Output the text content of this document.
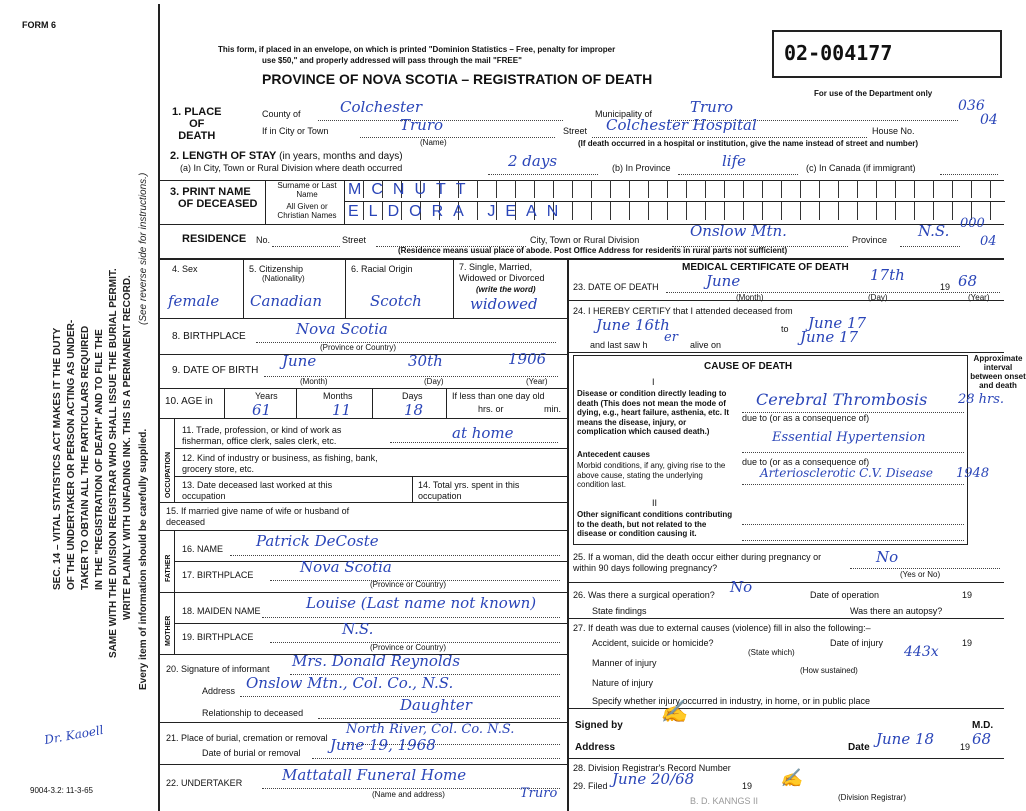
FORM 6
SEC. 14 – VITAL STATISTICS ACT MAKES IT THE DUTY OF THE UNDERTAKER OR PERSON ACTING AS UNDER- TAKER TO OBTAIN ALL THE PARTICULARS REQUIRED IN THE "REGISTRATION OF DEATH" AND TO FILE THE SAME WITH THE DIVISION REGISTRAR WHO SHALL ISSUE THE BURIAL PERMIT. WRITE PLAINLY WITH UNFADING INK. THIS IS A PERMANENT RECORD.
(See reverse side for instructions.)
Every item of information should be carefully supplied.
Dr. Kaoell
9004-3.2: 11-3-65
This form, if placed in an envelope, on which is printed "Dominion Statistics – Free, penalty for improper
use $50," and properly addressed will pass through the mail "FREE"
PROVINCE OF NOVA SCOTIA – REGISTRATION OF DEATH
02-004177
For use of the Department only
036
04
1. PLACE
OF
DEATH
County of	Colchester	Municipality of	Truro
If in City or Town	Truro
(Name)
Street Colchester Hospital	House No.
(If death occurred in a hospital or institution, give the name instead of street and number)
2. LENGTH OF STAY (in years, months and days)
(a) In City, Town or Rural Division where death occurred	2 days	(b) In Province	life	(c) In Canada (if immigrant)
3. PRINT NAME
OF DECEASED
Surname or Last Name
All Given or Christian Names
MCNUTT
ELDORA JEAN
RESIDENCE No.	Street	City, Town or Rural Division	Onslow Mtn.	Province N.S. 000
04
(Residence means usual place of abode. Post Office Address for residents in rural parts not sufficient)
4. Sex	5. Citizenship
(Nationality)
6. Racial Origin	7. Single, Married, Widowed or Divorced
(write the word)
female Canadian	Scotch	widowed
8. BIRTHPLACE	Nova Scotia
(Province or Country)
9. DATE OF BIRTH
June	30th	1906
(Month)	(Day)	(Year)
10. AGE in	Years	Months	Days
61	11	18
If less than one day old
hrs. or	min.
OCCUPATION
11. Trade, profession, or kind of work as fisherman, office clerk, sales clerk, etc.	at home
12. Kind of industry or business, as fishing, bank, grocery store, etc.
13. Date deceased last worked at this occupation
14. Total yrs. spent in this occupation
15. If married give name of wife or husband of deceased
FATHER
16. NAME Patrick DeCoste
17. BIRTHPLACE	Nova Scotia
(Province or Country)
MOTHER
18. MAIDEN NAME	Louise (Last name not known)
19. BIRTHPLACE	N.S.
(Province or Country)
20. Signature of informant Mrs. Donald Reynolds
Address Onslow Mtn., Col. Co., N.S.
Relationship to deceased	Daughter
21. Place of burial, cremation or removal
North River, Col. Co. N.S.
Date of burial or removal June 19, 1968
22. UNDERTAKER	Mattatall Funeral Home
Truro
(Name and address)
MEDICAL CERTIFICATE OF DEATH
23. DATE OF DEATH	June	17th
19 68
(Month)	(Day)	(Year)
24. I HEREBY CERTIFY that I attended deceased from
June 16th	to June 17
and last saw h er alive on	June 17
CAUSE OF DEATH
Approximate interval between onset and death
I
Disease or condition directly leading to death (This does not mean the mode of dying, e.g., heart failure, asthenia, etc. It means the disease, injury, or complication which caused death.)
Cerebral Thrombosis 28 hrs.
due to (or as a consequence of)
Essential Hypertension
Antecedent causes
Morbid conditions, if any, giving rise to the above cause, stating the underlying condition last.
due to (or as a consequence of)
Arteriosclerotic C.V. Disease 1948
II
Other significant conditions contributing to the death, but not related to the disease or condition causing it.
25. If a woman, did the death occur either during pregnancy or within 90 days following pregnancy?
No
(Yes or No)
26. Was there a surgical operation? No	Date of operation	19
State findings	Was there an autopsy?
27. If death was due to external causes (violence) fill in also the following:–
Accident, suicide or homicide?	Date of injury	19
(State which)	443x
Manner of injury
(How sustained)
Nature of injury
Specify whether injury occurred in industry, in home, or in public place
Signed by
✍
M.D.
Address	Date June 18	19 68
28. Division Registrar's Record Number
29. Filed June 20/68	19 ✍
(Division Registrar)
B. D. KANNGS II
